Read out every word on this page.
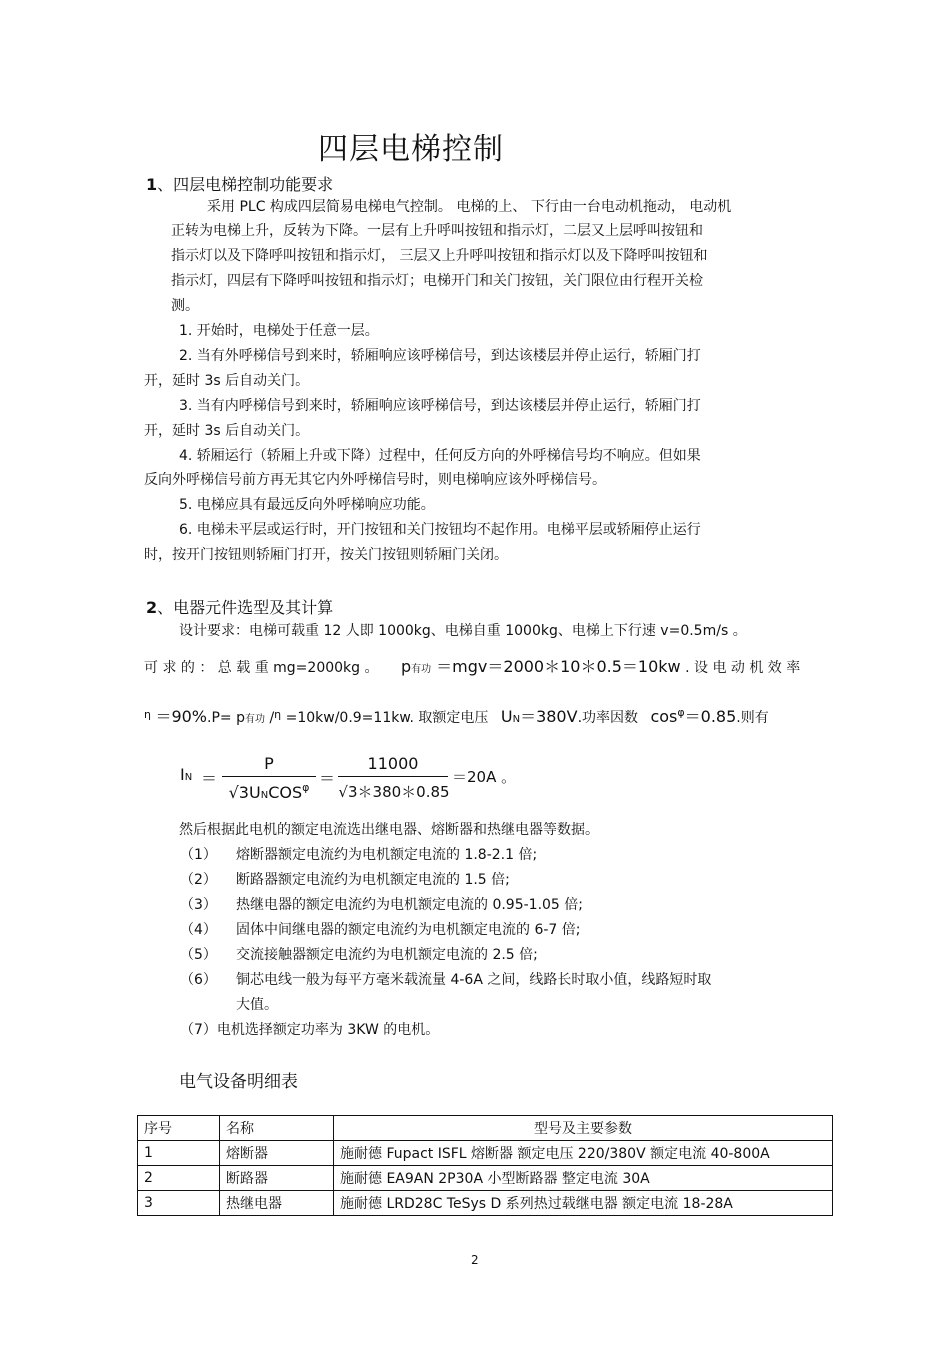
四层电梯控制
1、四层电梯控制功能要求
采用 PLC 构成四层简易电梯电气控制。 电梯的上、 下行由一台电动机拖动， 电动机
正转为电梯上升，反转为下降。一层有上升呼叫按钮和指示灯，二层又上层呼叫按钮和
指示灯以及下降呼叫按钮和指示灯， 三层又上升呼叫按钮和指示灯以及下降呼叫按钮和
指示灯，四层有下降呼叫按钮和指示灯；电梯开门和关门按钮，关门限位由行程开关检
测。
1. 开始时，电梯处于任意一层。
2. 当有外呼梯信号到来时，轿厢响应该呼梯信号，到达该楼层并停止运行，轿厢门打
开，延时 3s 后自动关门。
3. 当有内呼梯信号到来时，轿厢响应该呼梯信号，到达该楼层并停止运行，轿厢门打
开，延时 3s 后自动关门。
4. 轿厢运行（轿厢上升或下降）过程中，任何反方向的外呼梯信号均不响应。但如果
反向外呼梯信号前方再无其它内外呼梯信号时，则电梯响应该外呼梯信号。
5. 电梯应具有最远反向外呼梯响应功能。
6. 电梯未平层或运行时，开门按钮和关门按钮均不起作用。电梯平层或轿厢停止运行
时，按开门按钮则轿厢门打开，按关门按钮则轿厢门关闭。
2、电器元件选型及其计算
设计要求：电梯可载重 12 人即 1000kg、电梯自重 1000kg、电梯上下行速 v=0.5m/s 。
可 求 的 ： 总 载 重 mg=2000kg 。 p有功 ＝mgv＝2000＊10＊0.5＝10kw . 设 电 动 机 效 率
$^\eta$ ＝90%.P= p有功 /$^\eta$ =10kw/0.9=11kw. 取额定电压 UN＝380V.功率因数 $\cos^\varphi=0.85$.则有
IN ＝
P
$√3UNCOS^\varphi$ ＝
11000
√3＊380＊0.85
＝20A 。
然后根据此电机的额定电流选出继电器、熔断器和热继电器等数据。
（1） 熔断器额定电流约为电机额定电流的 1.8-2.1 倍;
（2） 断路器额定电流约为电机额定电流的 1.5 倍;
（3） 热继电器的额定电流约为电机额定电流的 0.95-1.05 倍;
（4） 固体中间继电器的额定电流约为电机额定电流的 6-7 倍;
（5） 交流接触器额定电流约为电机额定电流的 2.5 倍;
（6） 铜芯电线一般为每平方毫米载流量 4-6A 之间，线路长时取小值，线路短时取
大值。
（7）电机选择额定功率为 3KW 的电机。
电气设备明细表
序号	名称	型号及主要参数
1	熔断器	施耐德 Fupact ISFL 熔断器 额定电压 220/380V 额定电流 40-800A
2	断路器	施耐德 EA9AN 2P30A 小型断路器 整定电流 30A
3	热继电器	施耐德 LRD28C TeSys D 系列热过载继电器 额定电流 18-28A
2
